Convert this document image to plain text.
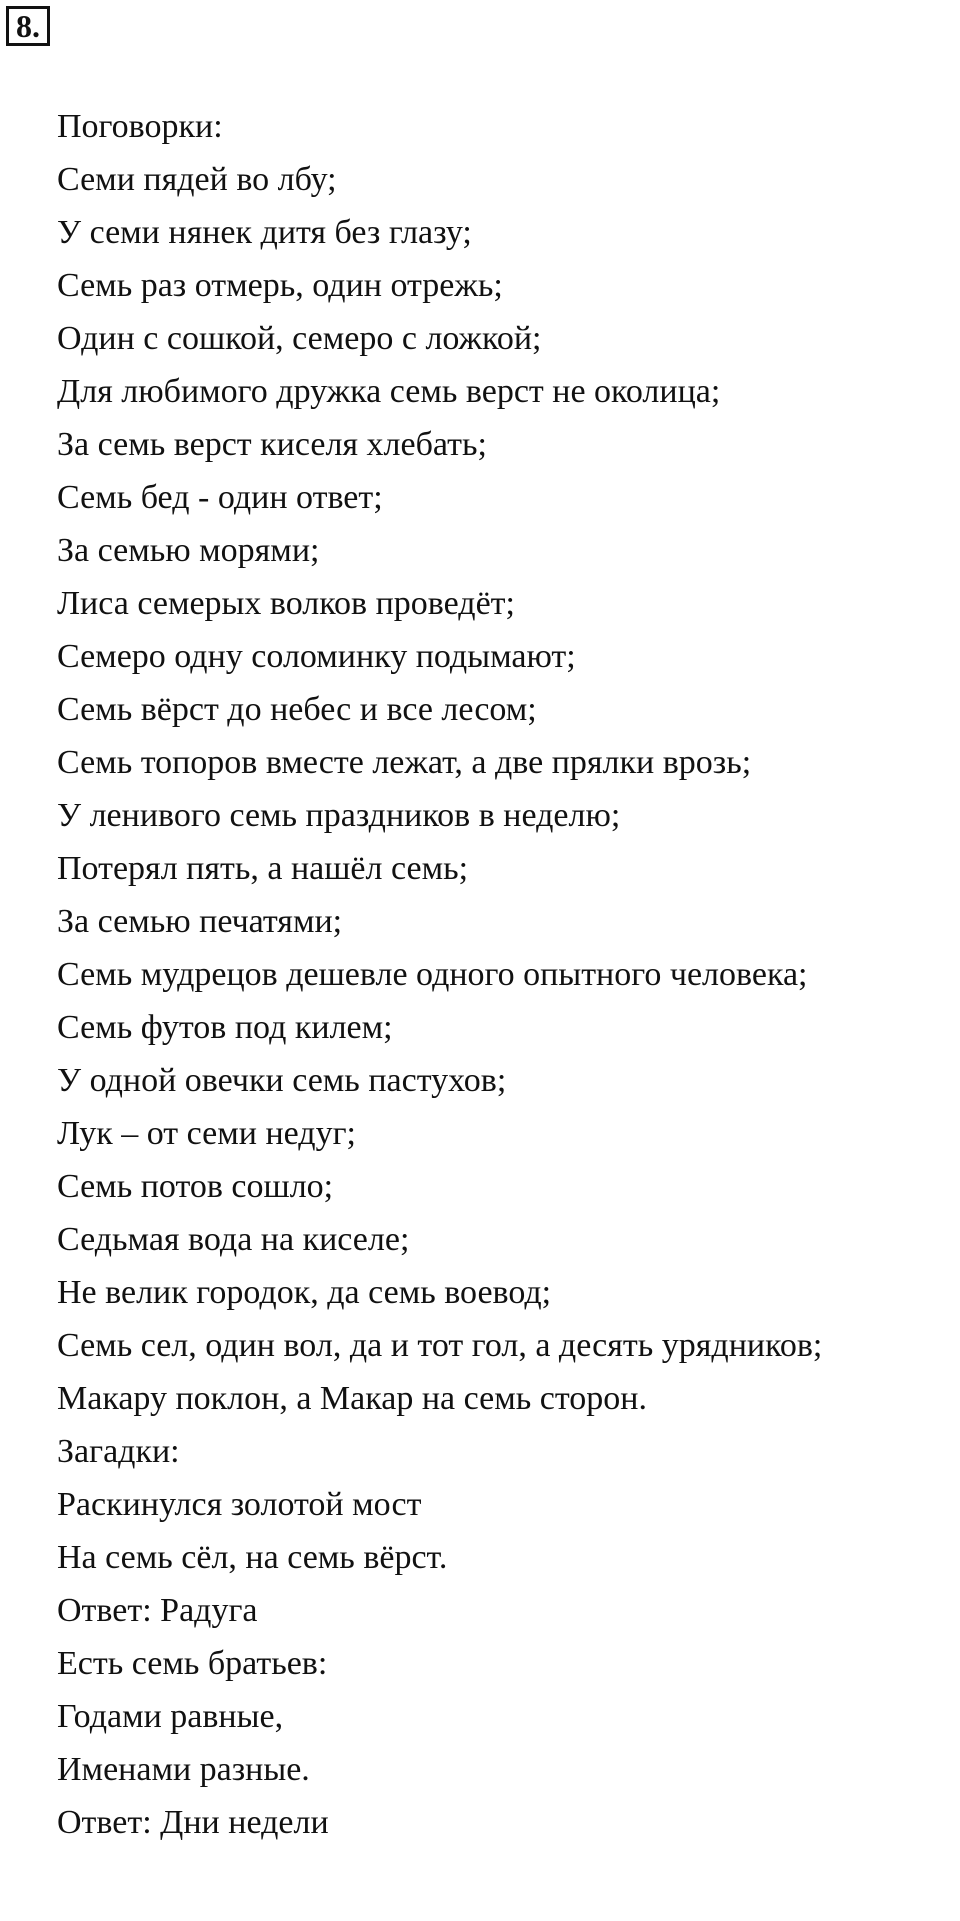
8.

Поговорки:

Семи пядей во лбу;
У семи нянек дитя без глазу;
Семь раз отмерь, один отрежь;
Один с сошкой, семеро с ложкой;
Для любимого дружка семь верст не околица;
За семь верст киселя хлебать;
Семь бед - один ответ;
За семью морями;
Лиса семерых волков проведёт;
Семеро одну соломинку подымают;
Семь вёрст до небес и все лесом;
Семь топоров вместе лежат, а две прялки врозь;
У ленивого семь праздников в неделю;
Потерял пять, а нашёл семь;
За семью печатями;
Семь мудрецов дешевле одного опытного человека;
Семь футов под килем;
У одной овечки семь пастухов;
Лук – от семи недуг;
Семь потов сошло;
Седьмая вода на киселе;
Не велик городок, да семь воевод;
Семь сел, один вол, да и тот гол, а десять урядников;
Макару поклон, а Макар на семь сторон.

Загадки:

Раскинулся золотой мост
На семь сёл, на семь вёрст.
Ответ: Радуга
Есть семь братьев:
Годами равные,
Именами разные.
Ответ: Дни недели
